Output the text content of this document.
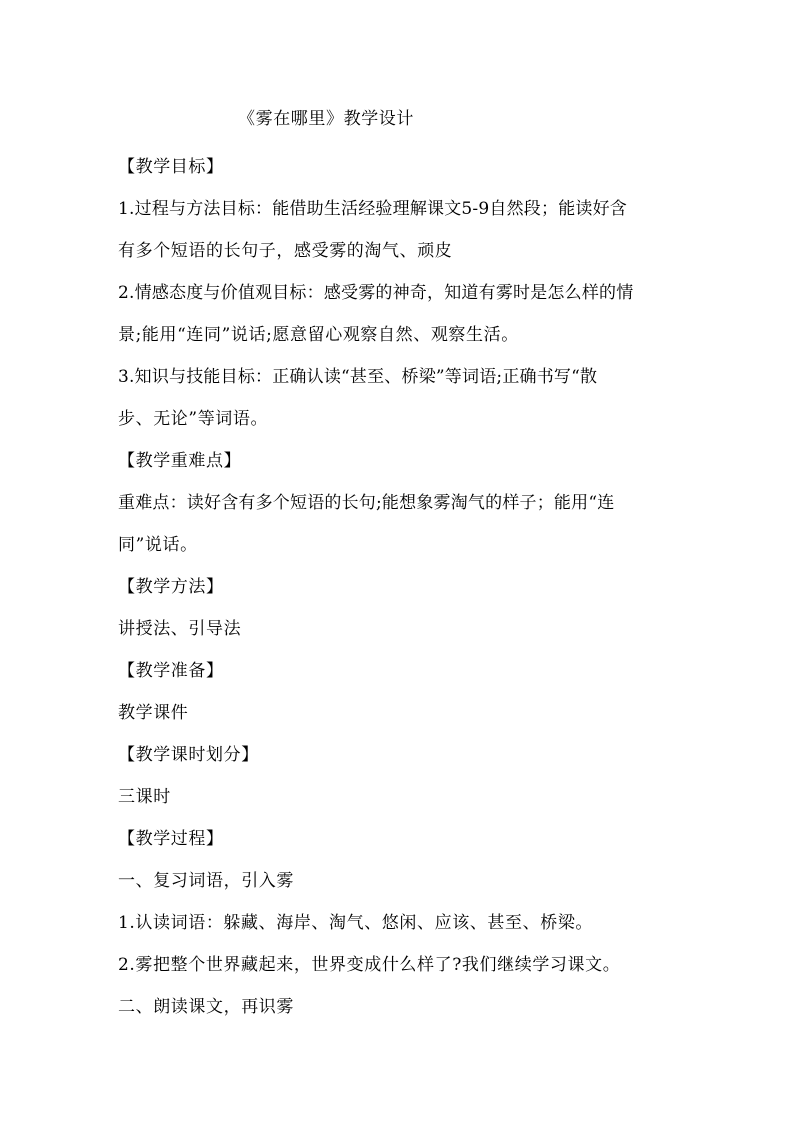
《雾在哪里》教学设计
【教学目标】
1.过程与方法目标：能借助生活经验理解课文5-9自然段；能读好含
有多个短语的长句子，感受雾的淘气、顽皮
2.情感态度与价值观目标：感受雾的神奇，知道有雾时是怎么样的情
景;能用“连同”说话;愿意留心观察自然、观察生活。
3.知识与技能目标：正确认读“甚至、桥梁”等词语;正确书写“散
步、无论”等词语。
【教学重难点】
重难点：读好含有多个短语的长句;能想象雾淘气的样子；能用“连
同”说话。
【教学方法】
讲授法、引导法
【教学准备】
教学课件
【教学课时划分】
三课时
【教学过程】
一、复习词语，引入雾
1.认读词语：躲藏、海岸、淘气、悠闲、应该、甚至、桥梁。
2.雾把整个世界藏起来，世界变成什么样了?我们继续学习课文。
二、朗读课文，再识雾
